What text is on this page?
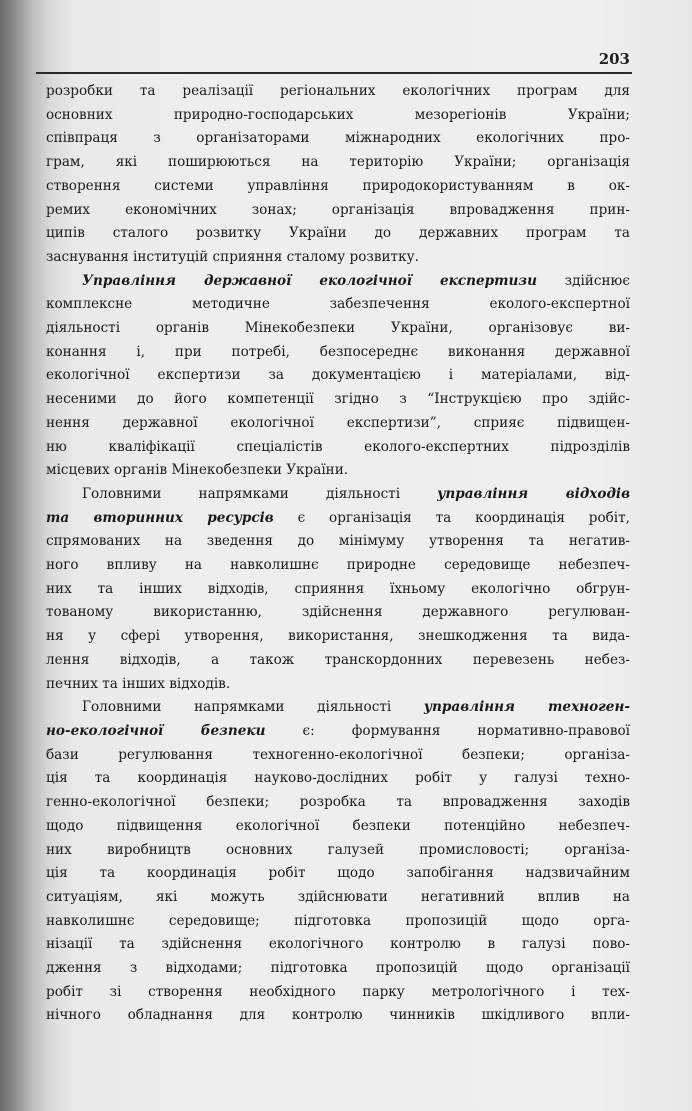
203
розробки та реалізації регіональних екологічних програм для
основних природно-господарських мезорегіонів України;
співпраця з організаторами міжнародних екологічних про-
грам, які поширюються на територію України; організація
створення системи управління природокористуванням в ок-
ремих економічних зонах; організація впровадження прин-
ципів сталого розвитку України до державних програм та
заснування інституцій сприяння сталому розвитку.
Управління державної екологічної експертизи здійснює
комплексне методичне забезпечення еколого-експертної
діяльності органів Мінекобезпеки України, організовує ви-
конання і, при потребі, безпосереднє виконання державної
екологічної експертизи за документацією і матеріалами, від-
несеними до його компетенції згідно з “Інструкцією про здійс-
нення державної екологічної експертизи”, сприяє підвищен-
ню кваліфікації спеціалістів еколого-експертних підрозділів
місцевих органів Мінекобезпеки України.
Головними напрямками діяльності управління відходів
та вторинних ресурсів є організація та координація робіт,
спрямованих на зведення до мінімуму утворення та негатив-
ного впливу на навколишнє природне середовище небезпеч-
них та інших відходів, сприяння їхньому екологічно обгрун-
тованому використанню, здійснення державного регулюван-
ня у сфері утворення, використання, знешкодження та вида-
лення відходів, а також транскордонних перевезень небез-
печних та інших відходів.
Головними напрямками діяльності управління техноген-
но-екологічної безпеки є: формування нормативно-правової
бази регулювання техногенно-екологічної безпеки; організа-
ція та координація науково-дослідних робіт у галузі техно-
генно-екологічної безпеки; розробка та впровадження заходів
щодо підвищення екологічної безпеки потенційно небезпеч-
них виробництв основних галузей промисловості; організа-
ція та координація робіт щодо запобігання надзвичайним
ситуаціям, які можуть здійснювати негативний вплив на
навколишнє середовище; підготовка пропозицій щодо орга-
нізації та здійснення екологічного контролю в галузі пово-
дження з відходами; підготовка пропозицій щодо організації
робіт зі створення необхідного парку метрологічного і тех-
нічного обладнання для контролю чинників шкідливого впли-
